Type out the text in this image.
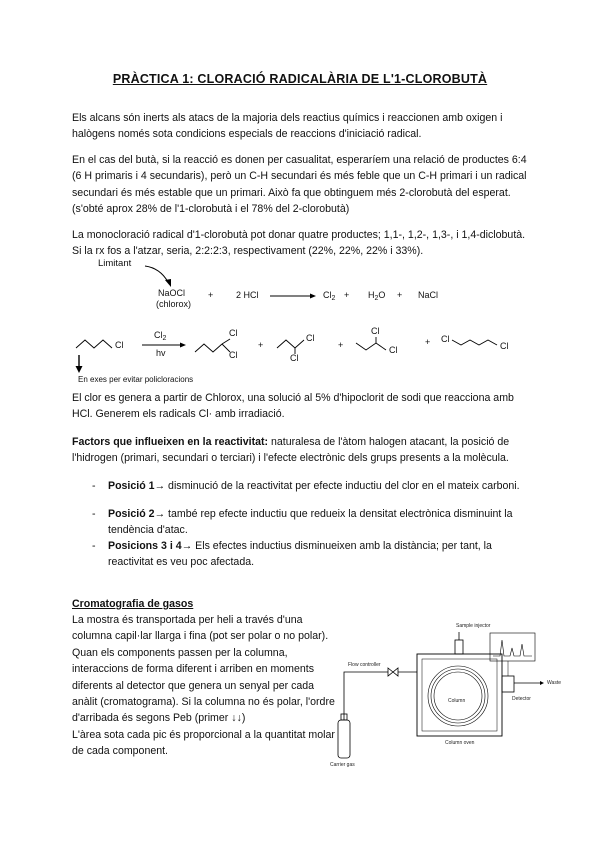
PRÀCTICA 1: CLORACIÓ RADICALÀRIA DE L'1-CLOROBUTÀ
Els alcans són inerts als atacs de la majoria dels reactius químics i reaccionen amb oxigen i halògens només sota condicions especials de reaccions d'iniciació radical.
En el cas del butà, si la reacció es donen per casualitat, esperaríem una relació de productes 6:4 (6 H primaris i 4 secundaris), però un C-H secundari és més feble que un C-H primari i un radical secundari és més estable que un primari. Això fa que obtinguem més 2-clorobutà del esperat. (s'obté aprox 28% de l'1-clorobutà i el 78% del 2-clorobutà)
La monocloració radical d'1-clorobutà pot donar quatre productes; 1,1-, 1,2-, 1,3-, i 1,4-diclobutà. Si la rx fos a l'atzar, seria, 2:2:2:3, respectivament (22%, 22%, 22% i 33%).
Limitant
NaOCl
(chlorox)
+	2 HCl	$Cl_2 + H_2O$ + NaCl
Cl
$Cl_2$
hv
Cl
Cl
+
Cl
Cl
+
Cl
Cl
+ Cl
Cl
En exes per evitar policloracions
El clor es genera a partir de Chlorox, una solució al 5% d'hipoclorit de sodi que reacciona amb HCl. Generem els radicals Cl· amb irradiació.
Factors que influeixen en la reactivitat: naturalesa de l'àtom halogen atacant, la posició de l'hidrogen (primari, secundari o terciari) i l'efecte electrònic dels grups presents a la molècula.
- Posició 1→ disminució de la reactivitat per efecte inductiu del clor en el mateix carboni.
- Posició 2→ també rep efecte inductiu que redueix la densitat electrònica disminuint la tendència d'atac.
- Posicions 3 i 4→ Els efectes inductius disminueixen amb la distància; per tant, la reactivitat es veu poc afectada.
Cromatografia de gasos
La mostra és transportada per heli a través d'una columna capil·lar llarga i fina (pot ser polar o no polar).
Quan els components passen per la columna, interaccions de forma diferent i arriben en moments diferents al detector que genera un senyal per cada anàlit (cromatograma). Si la columna no és polar, l'ordre d'arribada és segons Peb (primer ↓↓)
L'àrea sota cada pic és proporcional a la quantitat molar de cada component.
Sample injector
Flow controller
Column
Column oven
Carrier gas
Detector
Waste
